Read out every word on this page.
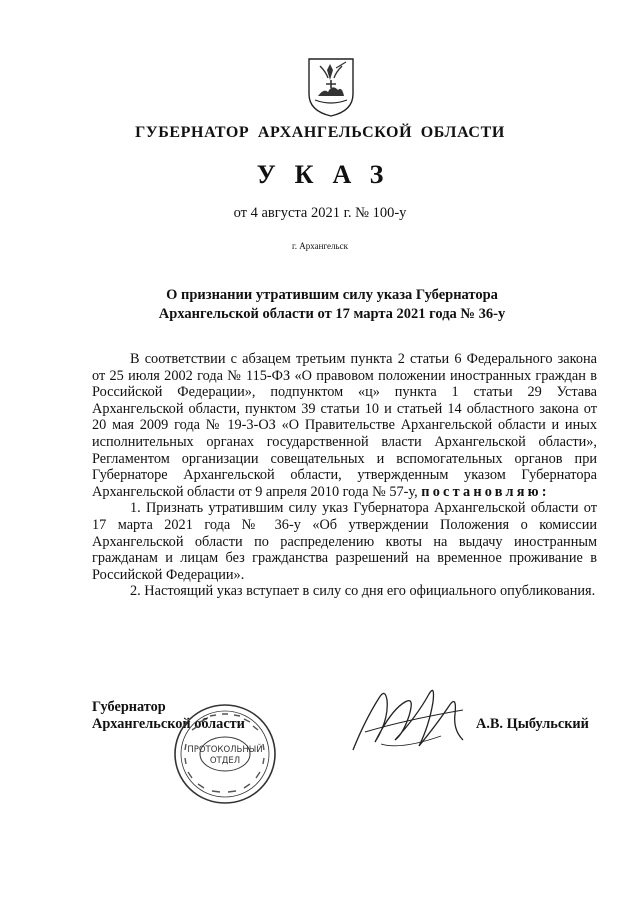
ГУБЕРНАТОР АРХАНГЕЛЬСКОЙ ОБЛАСТИ
УКАЗ
от 4 августа 2021 г. № 100-у
г. Архангельск
О признании утратившим силу указа Губернатора
Архангельской области от 17 марта 2021 года № 36-у

В соответствии с абзацем третьим пункта 2 статьи 6 Федерального закона от 25 июля 2002 года № 115-ФЗ «О правовом положении иностранных граждан в Российской Федерации», подпунктом «ц» пункта 1 статьи 29 Устава Архангельской области, пунктом 39 статьи 10 и статьей 14 областного закона от 20 мая 2009 года № 19-3-ОЗ «О Правительстве Архангельской области и иных исполнительных органах государственной власти Архангельской области», Регламентом организации совещательных и вспомогательных органов при Губернаторе Архангельской области, утвержденным указом Губернатора Архангельской области от 9 апреля 2010 года № 57-у, постановляю:

1. Признать утратившим силу указ Губернатора Архангельской области от 17 марта 2021 года № 36-у «Об утверждении Положения о комиссии Архангельской области по распределению квоты на выдачу иностранным гражданам и лицам без гражданства разрешений на временное проживание в Российской Федерации».

2. Настоящий указ вступает в силу со дня его официального опубликования.

Губернатор
Архангельской области	А.В. Цыбульский
ПРОТОКОЛЬНЫЙ
ОТДЕЛ
